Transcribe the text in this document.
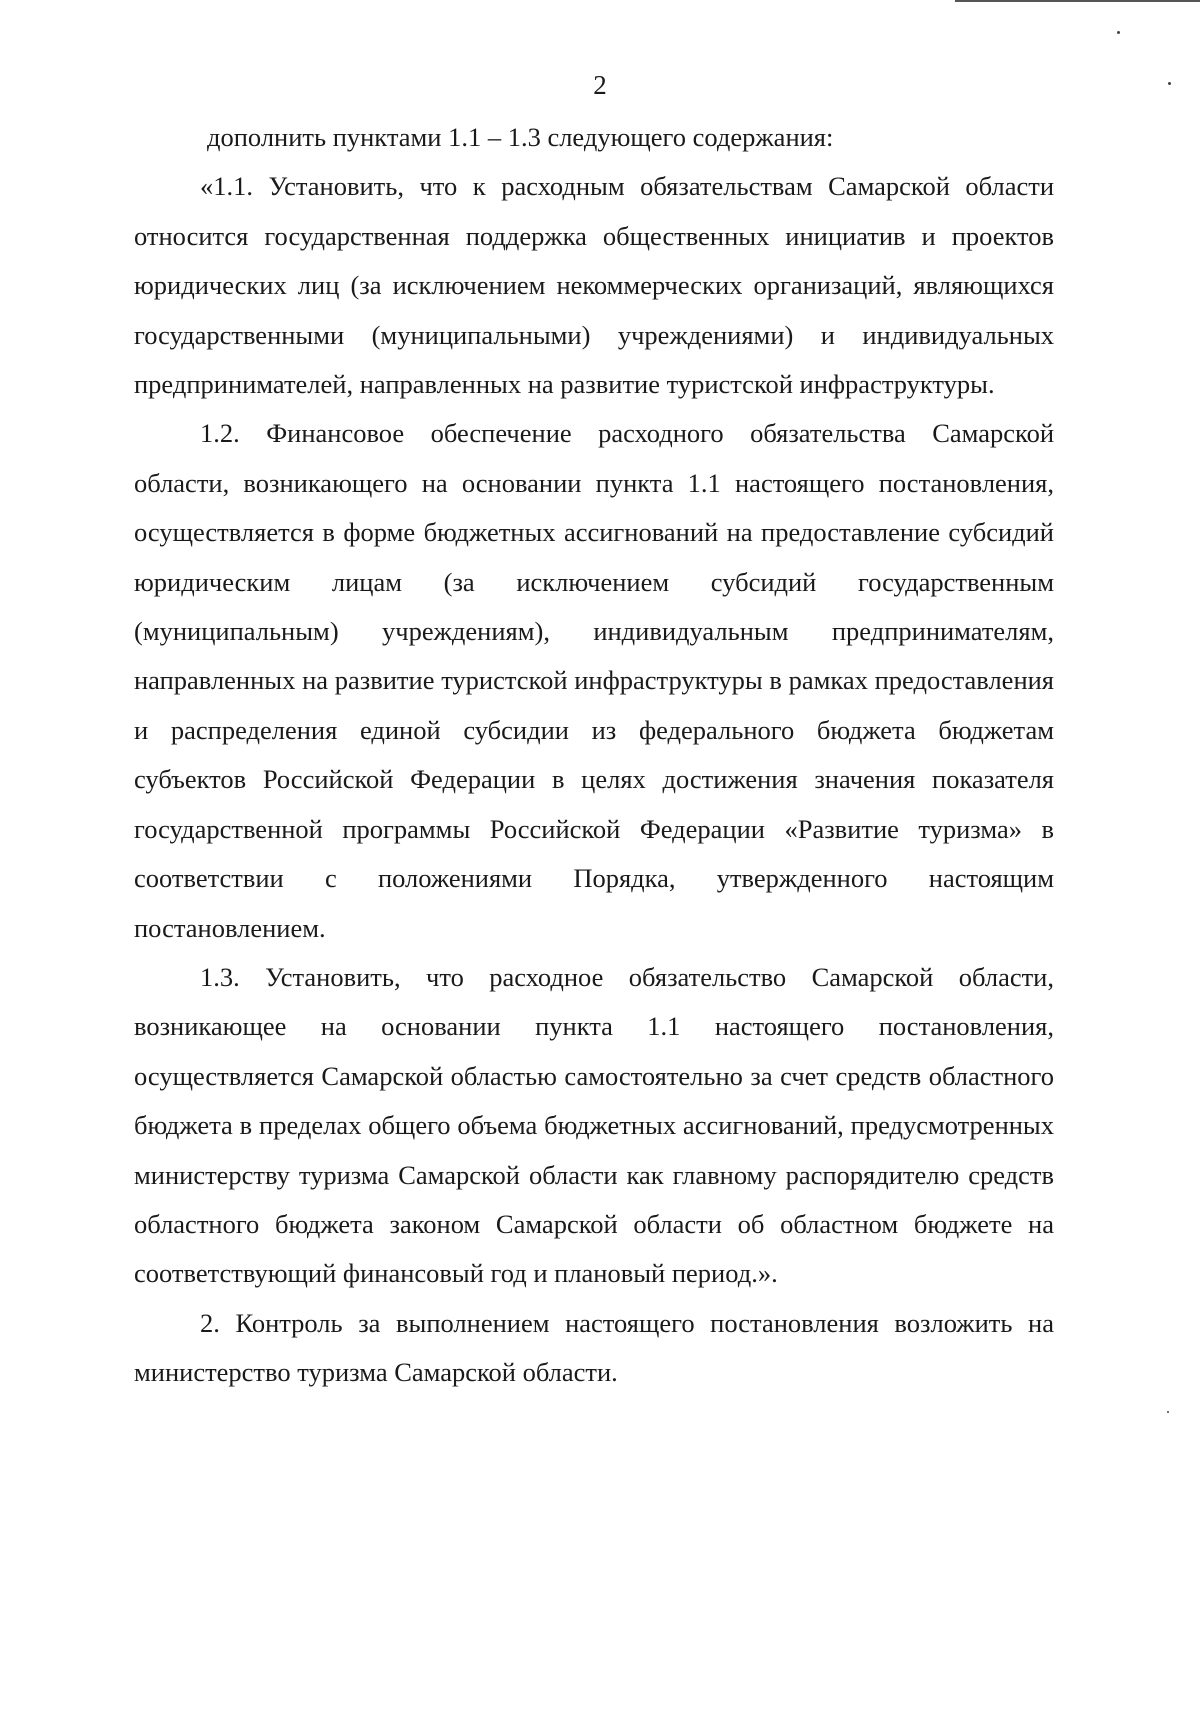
2

дополнить пунктами 1.1 – 1.3 следующего содержания:

«1.1. Установить, что к расходным обязательствам Самарской области относится государственная поддержка общественных инициатив и проектов юридических лиц (за исключением некоммерческих организаций, являющихся государственными (муниципальными) учреждениями) и индивидуальных предпринимателей, направленных на развитие туристской инфраструктуры.

1.2. Финансовое обеспечение расходного обязательства Самарской области, возникающего на основании пункта 1.1 настоящего постановления, осуществляется в форме бюджетных ассигнований на предоставление субсидий юридическим лицам (за исключением субсидий государственным (муниципальным) учреждениям), индивидуальным предпринимателям, направленных на развитие туристской инфраструктуры в рамках предоставления и распределения единой субсидии из федерального бюджета бюджетам субъектов Российской Федерации в целях достижения значения показателя государственной программы Российской Федерации «Развитие туризма» в соответствии с положениями Порядка, утвержденного настоящим постановлением.

1.3. Установить, что расходное обязательство Самарской области, возникающее на основании пункта 1.1 настоящего постановления, осуществляется Самарской областью самостоятельно за счет средств областного бюджета в пределах общего объема бюджетных ассигнований, предусмотренных министерству туризма Самарской области как главному распорядителю средств областного бюджета законом Самарской области об областном бюджете на соответствующий финансовый год и плановый период.».

2. Контроль за выполнением настоящего постановления возложить на министерство туризма Самарской области.
